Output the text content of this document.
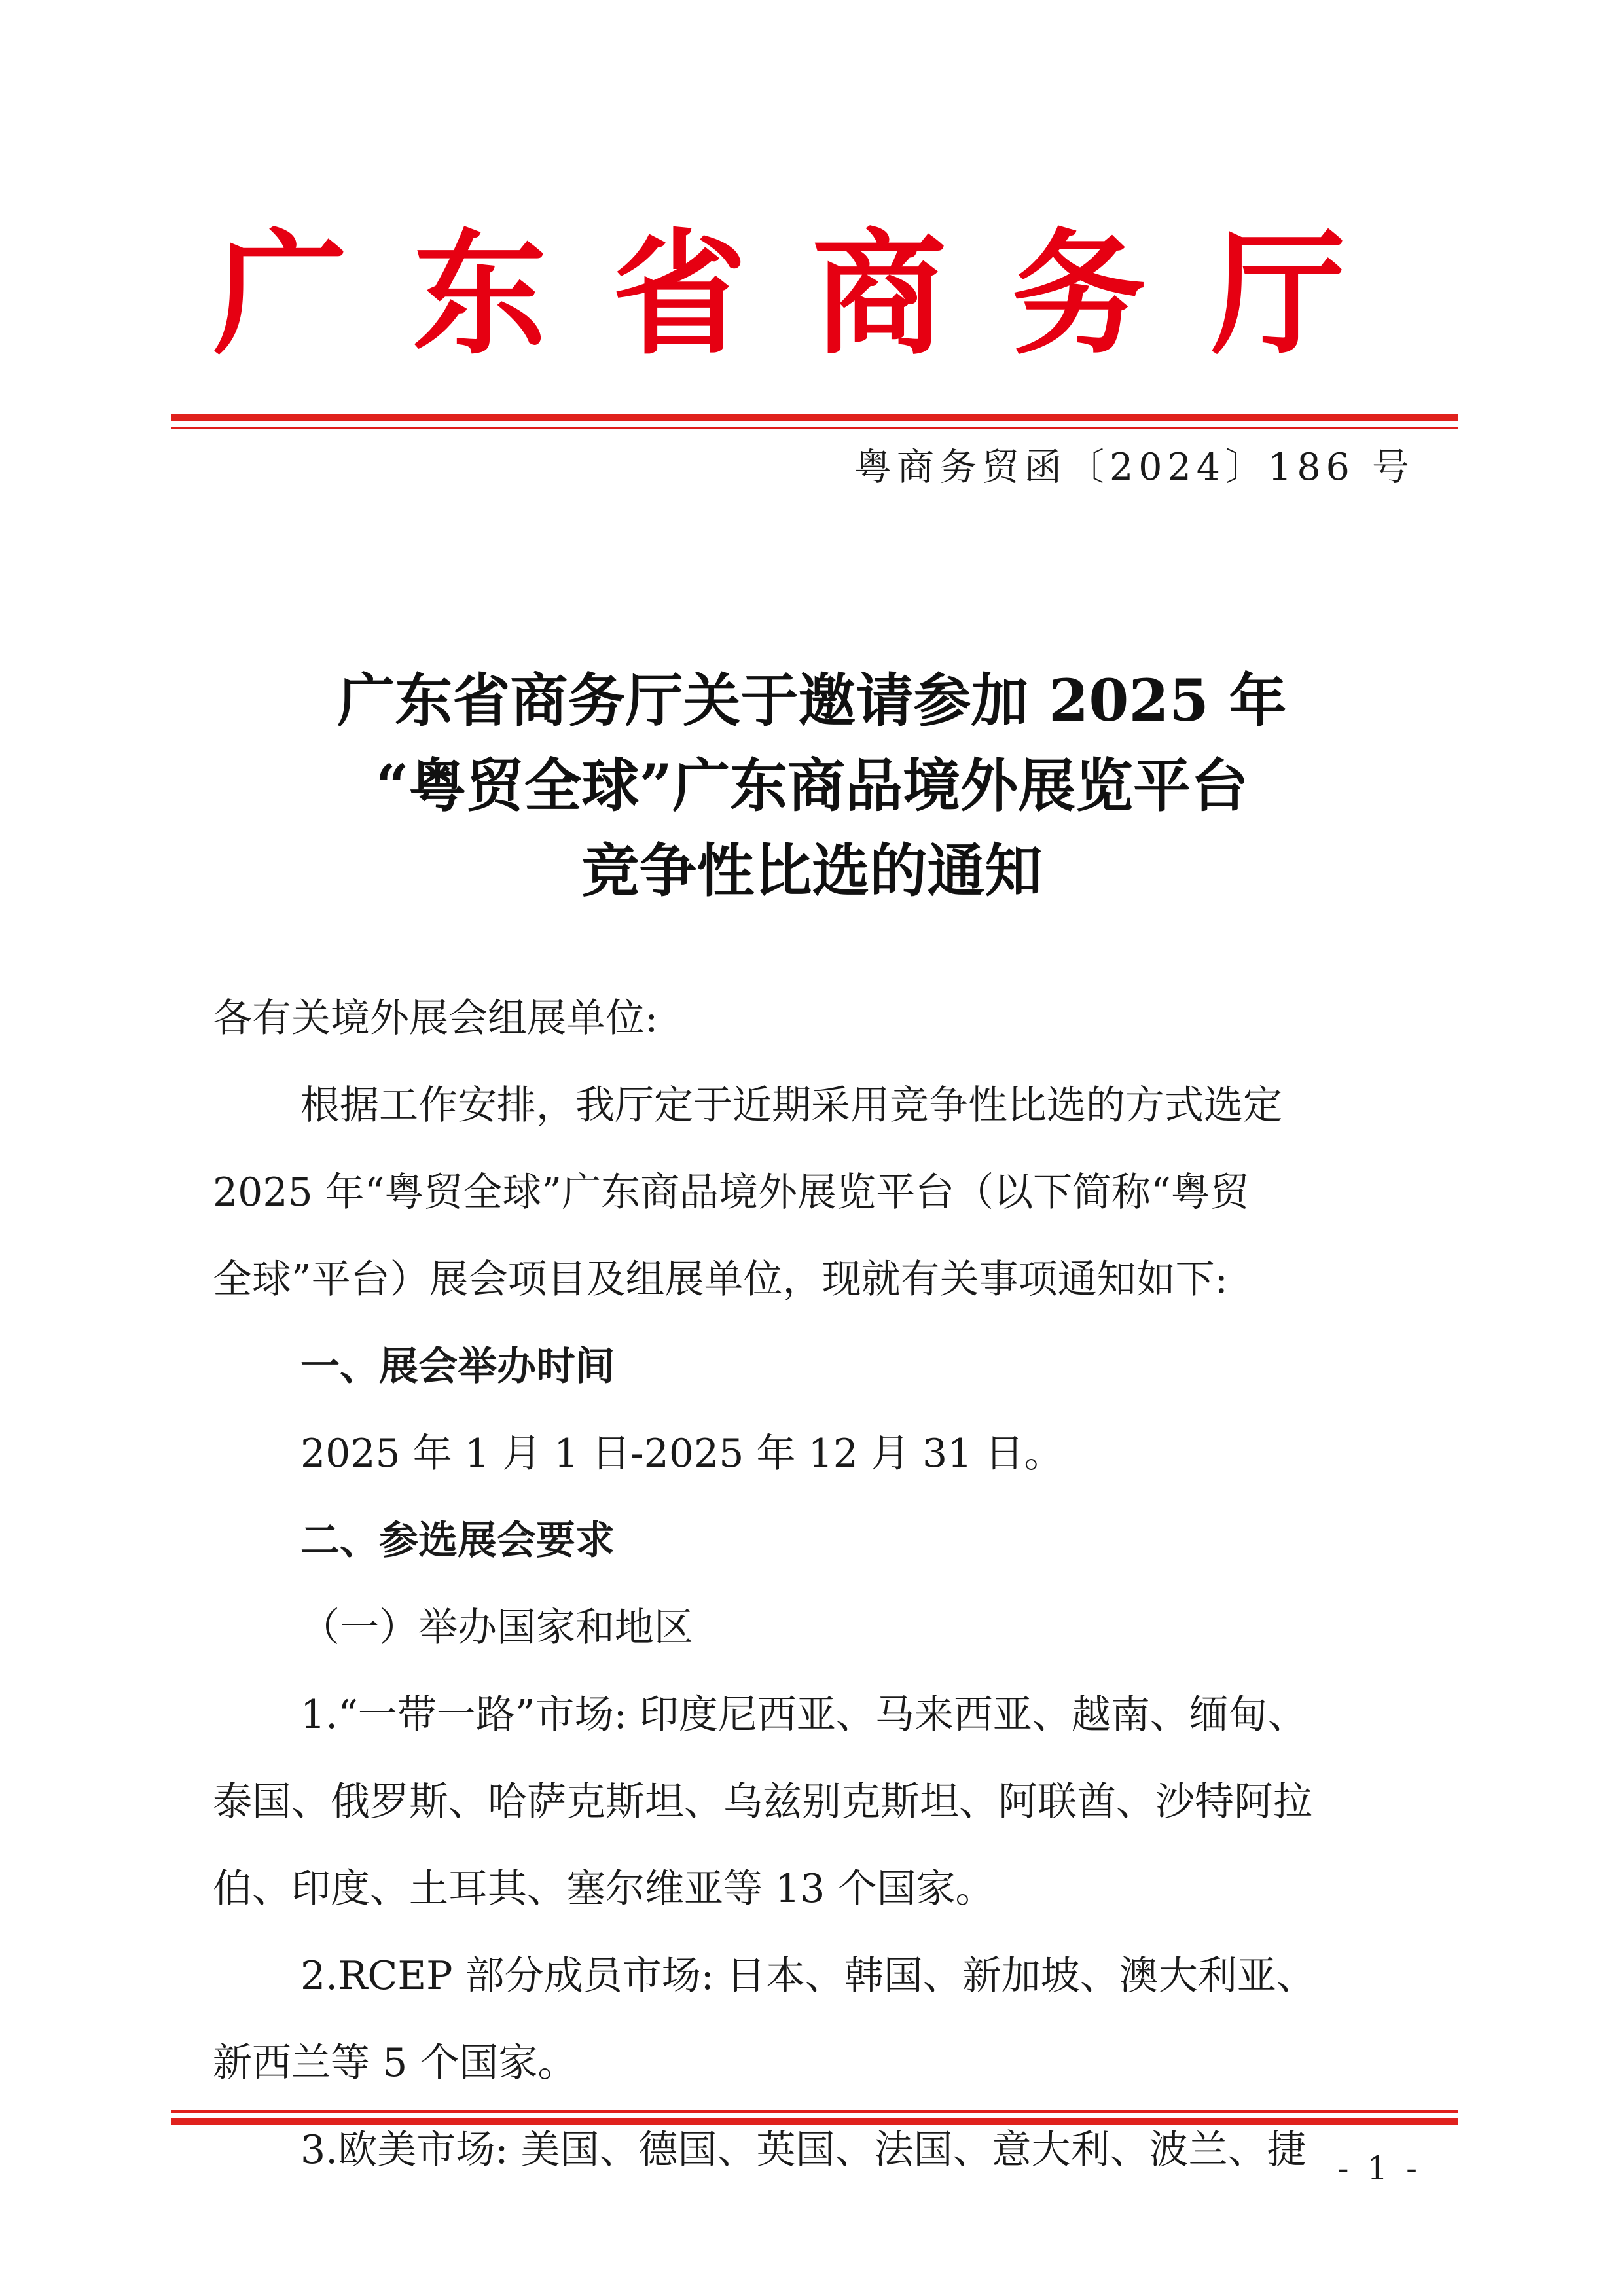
广东省商务厅
粤商务贸函〔2024〕186 号
广东省商务厅关于邀请参加 2025 年
“粤贸全球”广东商品境外展览平台
竞争性比选的通知

各有关境外展会组展单位:

根据工作安排，我厅定于近期采用竞争性比选的方式选定

2025 年“粤贸全球”广东商品境外展览平台（以下简称“粤贸

全球”平台）展会项目及组展单位，现就有关事项通知如下:

一、展会举办时间

2025 年 1 月 1 日-2025 年 12 月 31 日。

二、参选展会要求

（一）举办国家和地区

1.“一带一路”市场: 印度尼西亚、马来西亚、越南、缅甸、

泰国、俄罗斯、哈萨克斯坦、乌兹别克斯坦、阿联酋、沙特阿拉

伯、印度、土耳其、塞尔维亚等 13 个国家。

2.RCEP 部分成员市场: 日本、韩国、新加坡、澳大利亚、

新西兰等 5 个国家。

3.欧美市场: 美国、德国、英国、法国、意大利、波兰、捷 - 1 -
